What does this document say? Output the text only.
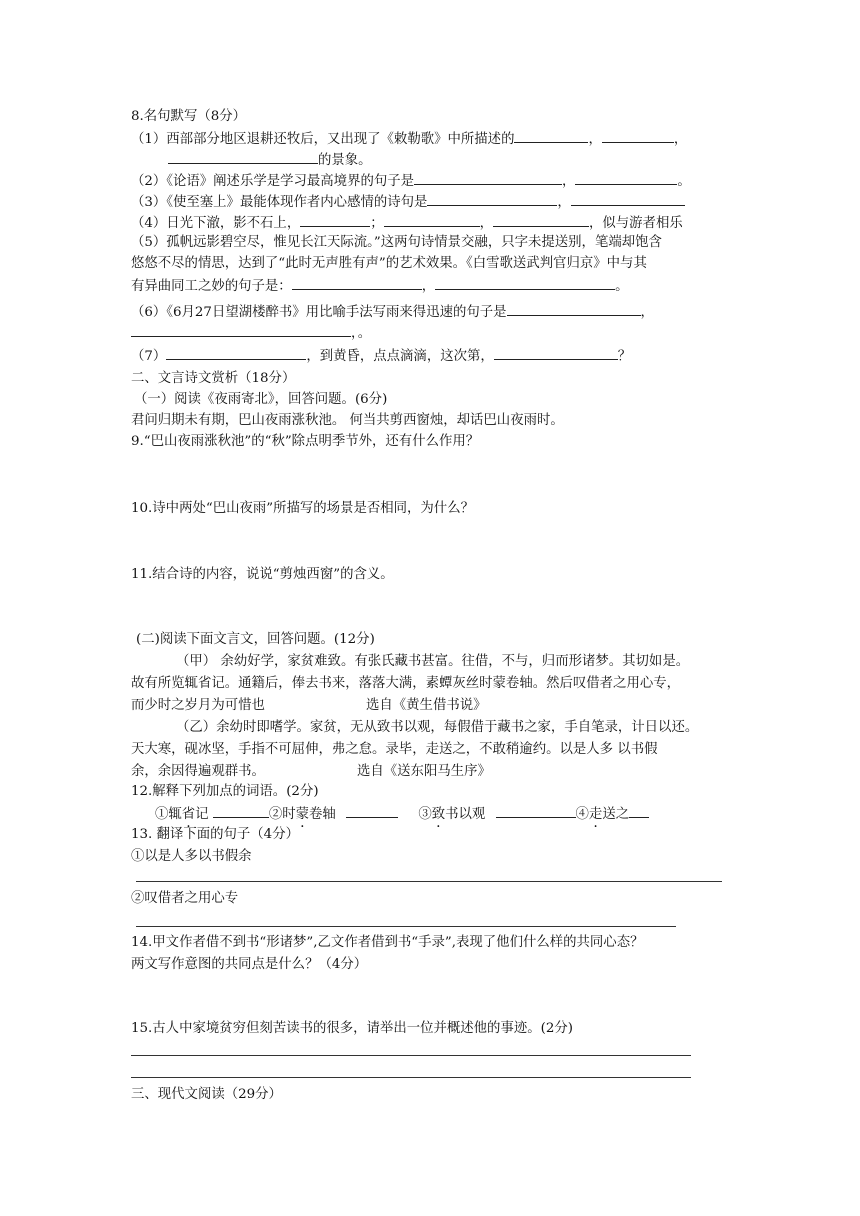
8.名句默写（8分）
（1）西部部分地区退耕还牧后，又出现了《敕勒歌》中所描述的	，	，
的景象。
（2）《论语》阐述乐学是学习最高境界的句子是	，	。
（3）《使至塞上》最能体现作者内心感情的诗句是	，
（4）日光下澈，影不石上，	；	，	，似与游者相乐
（5）孤帆远影碧空尽，惟见长江天际流。”这两句诗情景交融，只字未提送别，笔端却饱含
悠悠不尽的情思，达到了“此时无声胜有声”的艺术效果。《白雪歌送武判官归京》中与其
有异曲同工之妙的句子是：	，	。
（6）《6月27日望湖楼醉书》用比喻手法写雨来得迅速的句子是	，
，。
（7）	，到黄昏，点点滴滴，这次第，	？
二、文言诗文赏析（18分）
（一）阅读《夜雨寄北》，回答问题。(6分)
君问归期未有期，巴山夜雨涨秋池。 何当共剪西窗烛，却话巴山夜雨时。
9.“巴山夜雨涨秋池”的“秋”除点明季节外，还有什么作用？
10.诗中两处“巴山夜雨”所描写的场景是否相同，为什么？
11.结合诗的内容，说说“剪烛西窗”的含义。
(二)阅读下面文言文，回答问题。(12分)
（甲） 余幼好学，家贫难致。有张氏藏书甚富。往借，不与，归而形诸梦。其切如是。
故有所览辄省记。通籍后，俸去书来，落落大满，素蟫灰丝时蒙卷轴。然后叹借者之用心专，
而少时之岁月为可惜也	选自《黄生借书说》
（乙）余幼时即嗜学。家贫，无从致书以观，每假借于藏书之家，手自笔录，计日以还。
天大寒，砚冰坚，手指不可屈伸，弗之怠。录毕，走送之，不敢稍逾约。以是人多 以书假
余，余因得遍观群书。	选自《送东阳马生序》
12.解释下列加点的词语。(2分)
①辄省记	②时蒙卷轴	③致书以观	④走送之
13. 翻译下面的句子（4分）
①以是人多以书假余
②叹借者之用心专
14.甲文作者借不到书“形诸梦”,乙文作者借到书“手录”,表现了他们什么样的共同心态？
两文写作意图的共同点是什么？（4分）
15.古人中家境贫穷但刻苦读书的很多，请举出一位并概述他的事迹。(2分)
三、现代文阅读（29分）
